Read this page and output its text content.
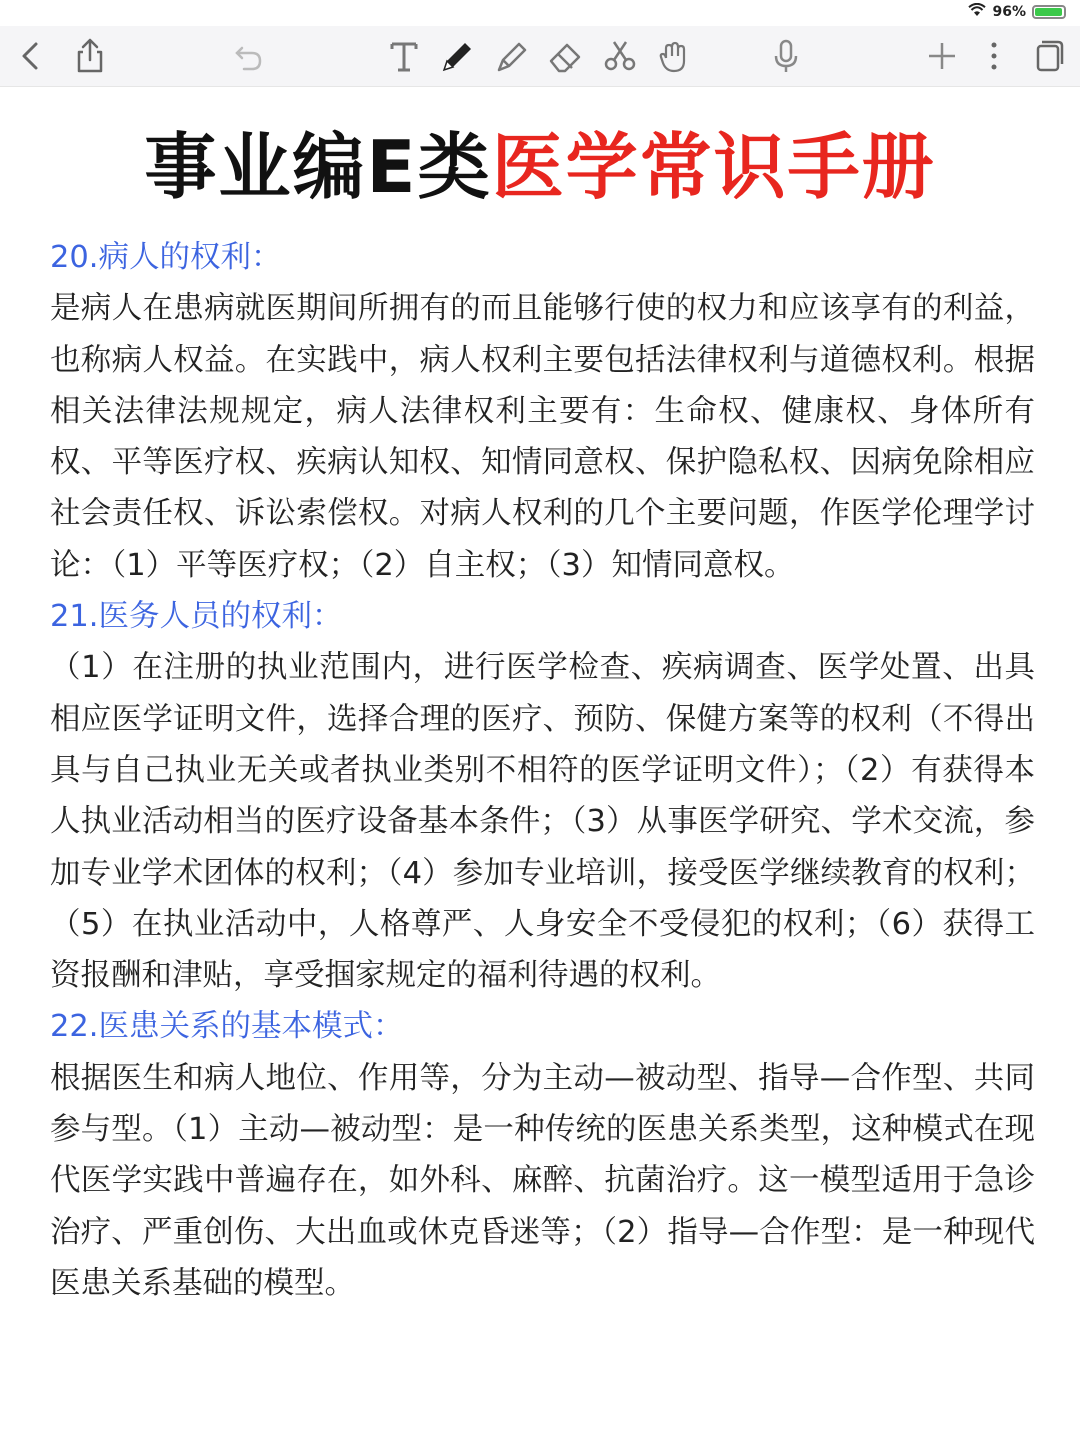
96%
事业编E类医学常识手册
20.病人的权利：
是病人在患病就医期间所拥有的而且能够行使的权力和应该享有的利益，也称病人权益。在实践中，病人权利主要包括法律权利与道德权利。根据相关法律法规规定，病人法律权利主要有：生命权、健康权、身体所有权、平等医疗权、疾病认知权、知情同意权、保护隐私权、因病免除相应社会责任权、诉讼索偿权。对病人权利的几个主要问题，作医学伦理学讨论：（1）平等医疗权；（2）自主权；（3）知情同意权。
21.医务人员的权利：
（1）在注册的执业范围内，进行医学检查、疾病调查、医学处置、出具相应医学证明文件，选择合理的医疗、预防、保健方案等的权利（不得出具与自己执业无关或者执业类别不相符的医学证明文件）；（2）有获得本人执业活动相当的医疗设备基本条件；（3）从事医学研究、学术交流，参加专业学术团体的权利；（4）参加专业培训，接受医学继续教育的权利；（5）在执业活动中，人格尊严、人身安全不受侵犯的权利；（6）获得工资报酬和津贴，享受掴家规定的福利待遇的权利。
22.医患关系的基本模式：
根据医生和病人地位、作用等，分为主动—被动型、指导—合作型、共同参与型。（1）主动—被动型：是一种传统的医患关系类型，这种模式在现代医学实践中普遍存在，如外科、麻醉、抗菌治疗。这一模型适用于急诊治疗、严重创伤、大出血或休克昏迷等；（2）指导—合作型：是一种现代医患关系基础的模型。
